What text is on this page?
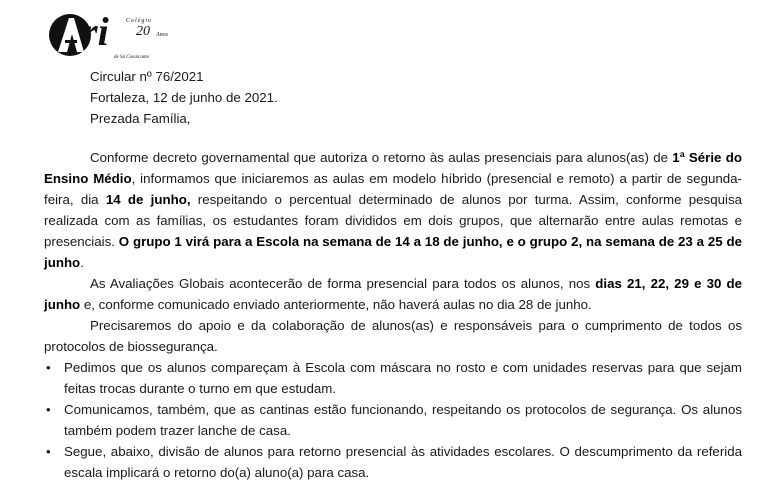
ri	Colégio
20 Anos
de Sá Cavalcante
Circular nº 76/2021
Fortaleza, 12 de junho de 2021.
Prezada Família,

Conforme decreto governamental que autoriza o retorno às aulas presenciais para alunos(as) de 1ª Série do Ensino Médio, informamos que iniciaremos as aulas em modelo híbrido (presencial e remoto) a partir de segunda-feira, dia 14 de junho, respeitando o percentual determinado de alunos por turma. Assim, conforme pesquisa realizada com as famílias, os estudantes foram divididos em dois grupos, que alternarão entre aulas remotas e presenciais. O grupo 1 virá para a Escola na semana de 14 a 18 de junho, e o grupo 2, na semana de 23 a 25 de junho.

As Avaliações Globais acontecerão de forma presencial para todos os alunos, nos dias 21, 22, 29 e 30 de junho e, conforme comunicado enviado anteriormente, não haverá aulas no dia 28 de junho.

Precisaremos do apoio e da colaboração de alunos(as) e responsáveis para o cumprimento de todos os protocolos de biossegurança.

• Pedimos que os alunos compareçam à Escola com máscara no rosto e com unidades reservas para que sejam feitas trocas durante o turno em que estudam.

• Comunicamos, também, que as cantinas estão funcionando, respeitando os protocolos de segurança. Os alunos também podem trazer lanche de casa.

• Segue, abaixo, divisão de alunos para retorno presencial às atividades escolares. O descumprimento da referida escala implicará o retorno do(a) aluno(a) para casa.
